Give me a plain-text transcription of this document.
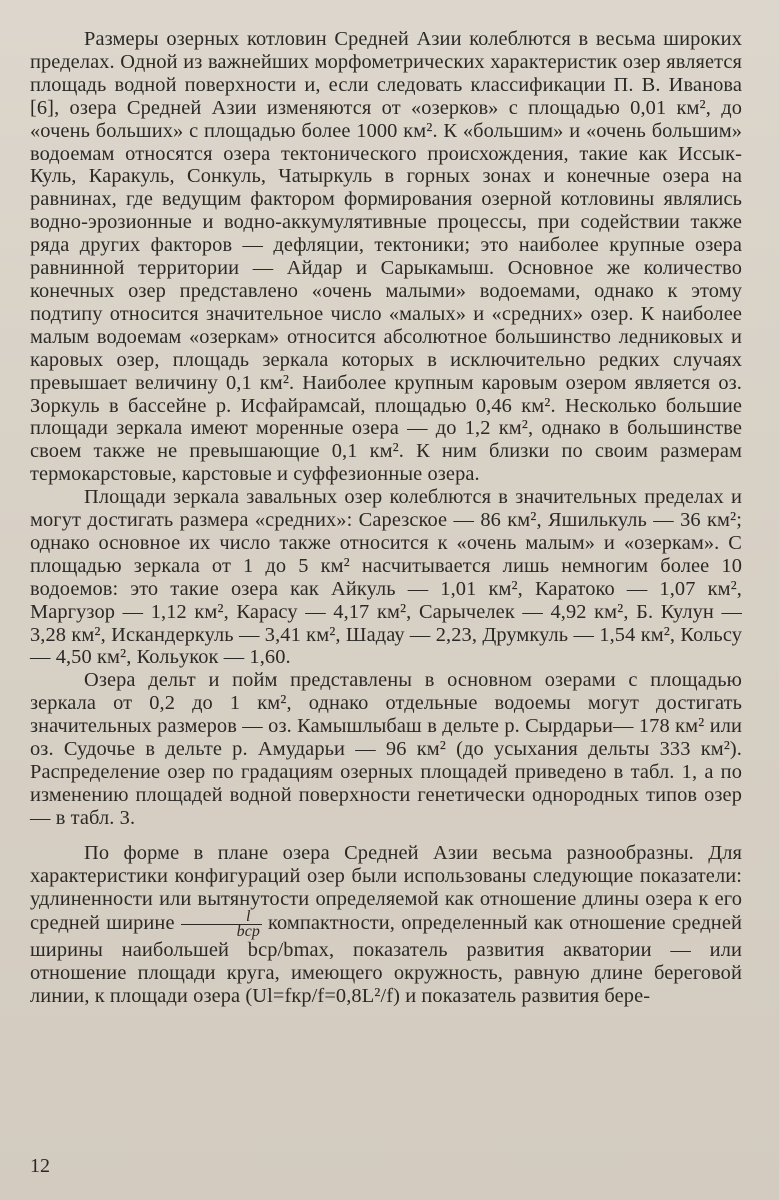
Размеры озерных котловин Средней Азии колеблются в весьма широких пределах. Одной из важнейших морфометрических характеристик озер является площадь водной поверхности и, если следовать классификации П. В. Иванова [6], озера Средней Азии изменяются от «озерков» с площадью 0,01 км², до «очень больших» с площадью более 1000 км². К «большим» и «очень большим» водоемам относятся озера тектонического происхождения, такие как Иссык-Куль, Каракуль, Сонкуль, Чатыркуль в горных зонах и конечные озера на равнинах, где ведущим фактором формирования озерной котловины являлись водно-эрозионные и водно-аккумулятивные процессы, при содействии также ряда других факторов — дефляции, тектоники; это наиболее крупные озера равнинной территории — Айдар и Сарыкамыш. Основное же количество конечных озер представлено «очень малыми» водоемами, однако к этому подтипу относится значительное число «малых» и «средних» озер. К наиболее малым водоемам «озеркам» относится абсолютное большинство ледниковых и каровых озер, площадь зеркала которых в исключительно редких случаях превышает величину 0,1 км². Наиболее крупным каровым озером является оз. Зоркуль в бассейне р. Исфайрамсай, площадью 0,46 км². Несколько большие площади зеркала имеют моренные озера — до 1,2 км², однако в большинстве своем также не превышающие 0,1 км². К ним близки по своим размерам термокарстовые, карстовые и суффезионные озера.

Площади зеркала завальных озер колеблются в значительных пределах и могут достигать размера «средних»: Сарезское — 86 км², Яшилькуль — 36 км²; однако основное их число также относится к «очень малым» и «озеркам». С площадью зеркала от 1 до 5 км² насчитывается лишь немногим более 10 водоемов: это такие озера как Айкуль — 1,01 км², Каратоко — 1,07 км², Маргузор — 1,12 км², Карасу — 4,17 км², Сарычелек — 4,92 км², Б. Кулун — 3,28 км², Искандеркуль — 3,41 км², Шадау — 2,23, Друмкуль — 1,54 км², Кольсу — 4,50 км², Кольукок — 1,60.

Озера дельт и пойм представлены в основном озерами с площадью зеркала от 0,2 до 1 км², однако отдельные водоемы могут достигать значительных размеров — оз. Камышлыбаш в дельте р. Сырдарьи— 178 км² или оз. Судочье в дельте р. Амударьи — 96 км² (до усыхания дельты 333 км²). Распределение озер по градациям озерных площадей приведено в табл. 1, а по изменению площадей водной поверхности генетически однородных типов озер — в табл. 3.

По форме в плане озера Средней Азии весьма разнообразны. Для характеристики конфигураций озер были использованы следующие показатели: удлиненности или вытянутости определяемой как отношение длины озера к его средней ширине $\frac{l}{\text{bср}}$ компактности, определенный как отношение средней ширины наибольшей bср/bmax, показатель развития акватории — или отношение площади круга, имеющего окружность, равную длине береговой линии, к площади озера (Ul=fкр/f=0,8L²/f) и показатель развития бере-

12
